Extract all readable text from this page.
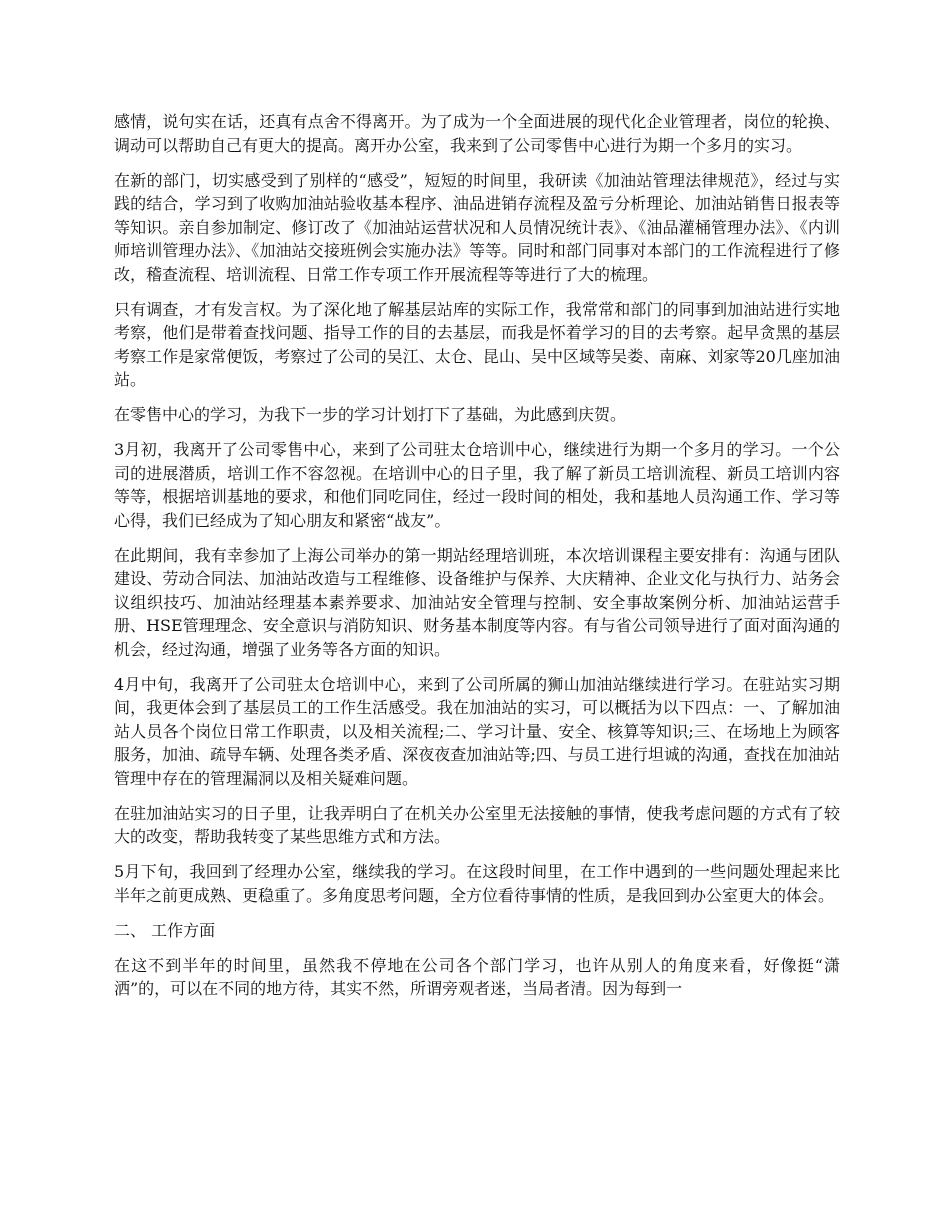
感情，说句实在话，还真有点舍不得离开。为了成为一个全面进展的现代化企业管理者，岗位的轮换、调动可以帮助自己有更大的提高。离开办公室，我来到了公司零售中心进行为期一个多月的实习。

在新的部门，切实感受到了别样的“感受”，短短的时间里，我研读《加油站管理法律规范》，经过与实践的结合，学习到了收购加油站验收基本程序、油品进销存流程及盈亏分析理论、加油站销售日报表等等知识。亲自参加制定、修订改了《加油站运营状况和人员情况统计表》、《油品灌桶管理办法》、《内训师培训管理办法》、《加油站交接班例会实施办法》等等。同时和部门同事对本部门的工作流程进行了修改，稽查流程、培训流程、日常工作专项工作开展流程等等进行了大的梳理。

只有调查，才有发言权。为了深化地了解基层站库的实际工作，我常常和部门的同事到加油站进行实地考察，他们是带着查找问题、指导工作的目的去基层，而我是怀着学习的目的去考察。起早贪黑的基层考察工作是家常便饭，考察过了公司的吴江、太仓、昆山、吴中区域等吴娄、南麻、刘家等20几座加油站。

在零售中心的学习，为我下一步的学习计划打下了基础，为此感到庆贺。

3月初，我离开了公司零售中心，来到了公司驻太仓培训中心，继续进行为期一个多月的学习。一个公司的进展潜质，培训工作不容忽视。在培训中心的日子里，我了解了新员工培训流程、新员工培训内容等等，根据培训基地的要求，和他们同吃同住，经过一段时间的相处，我和基地人员沟通工作、学习等心得，我们已经成为了知心朋友和紧密“战友”。

在此期间，我有幸参加了上海公司举办的第一期站经理培训班，本次培训课程主要安排有：沟通与团队建设、劳动合同法、加油站改造与工程维修、设备维护与保养、大庆精神、企业文化与执行力、站务会议组织技巧、加油站经理基本素养要求、加油站安全管理与控制、安全事故案例分析、加油站运营手册、HSE管理理念、安全意识与消防知识、财务基本制度等内容。有与省公司领导进行了面对面沟通的机会，经过沟通，增强了业务等各方面的知识。

4月中旬，我离开了公司驻太仓培训中心，来到了公司所属的狮山加油站继续进行学习。在驻站实习期间，我更体会到了基层员工的工作生活感受。我在加油站的实习，可以概括为以下四点：一、了解加油站人员各个岗位日常工作职责，以及相关流程;二、学习计量、安全、核算等知识;三、在场地上为顾客服务，加油、疏导车辆、处理各类矛盾、深夜夜查加油站等;四、与员工进行坦诚的沟通，查找在加油站管理中存在的管理漏洞以及相关疑难问题。

在驻加油站实习的日子里，让我弄明白了在机关办公室里无法接触的事情，使我考虑问题的方式有了较大的改变，帮助我转变了某些思维方式和方法。

5月下旬，我回到了经理办公室，继续我的学习。在这段时间里，在工作中遇到的一些问题处理起来比半年之前更成熟、更稳重了。多角度思考问题，全方位看待事情的性质，是我回到办公室更大的体会。

二、 工作方面

在这不到半年的时间里，虽然我不停地在公司各个部门学习，也许从别人的角度来看，好像挺“潇洒”的，可以在不同的地方待，其实不然，所谓旁观者迷，当局者清。因为每到一
